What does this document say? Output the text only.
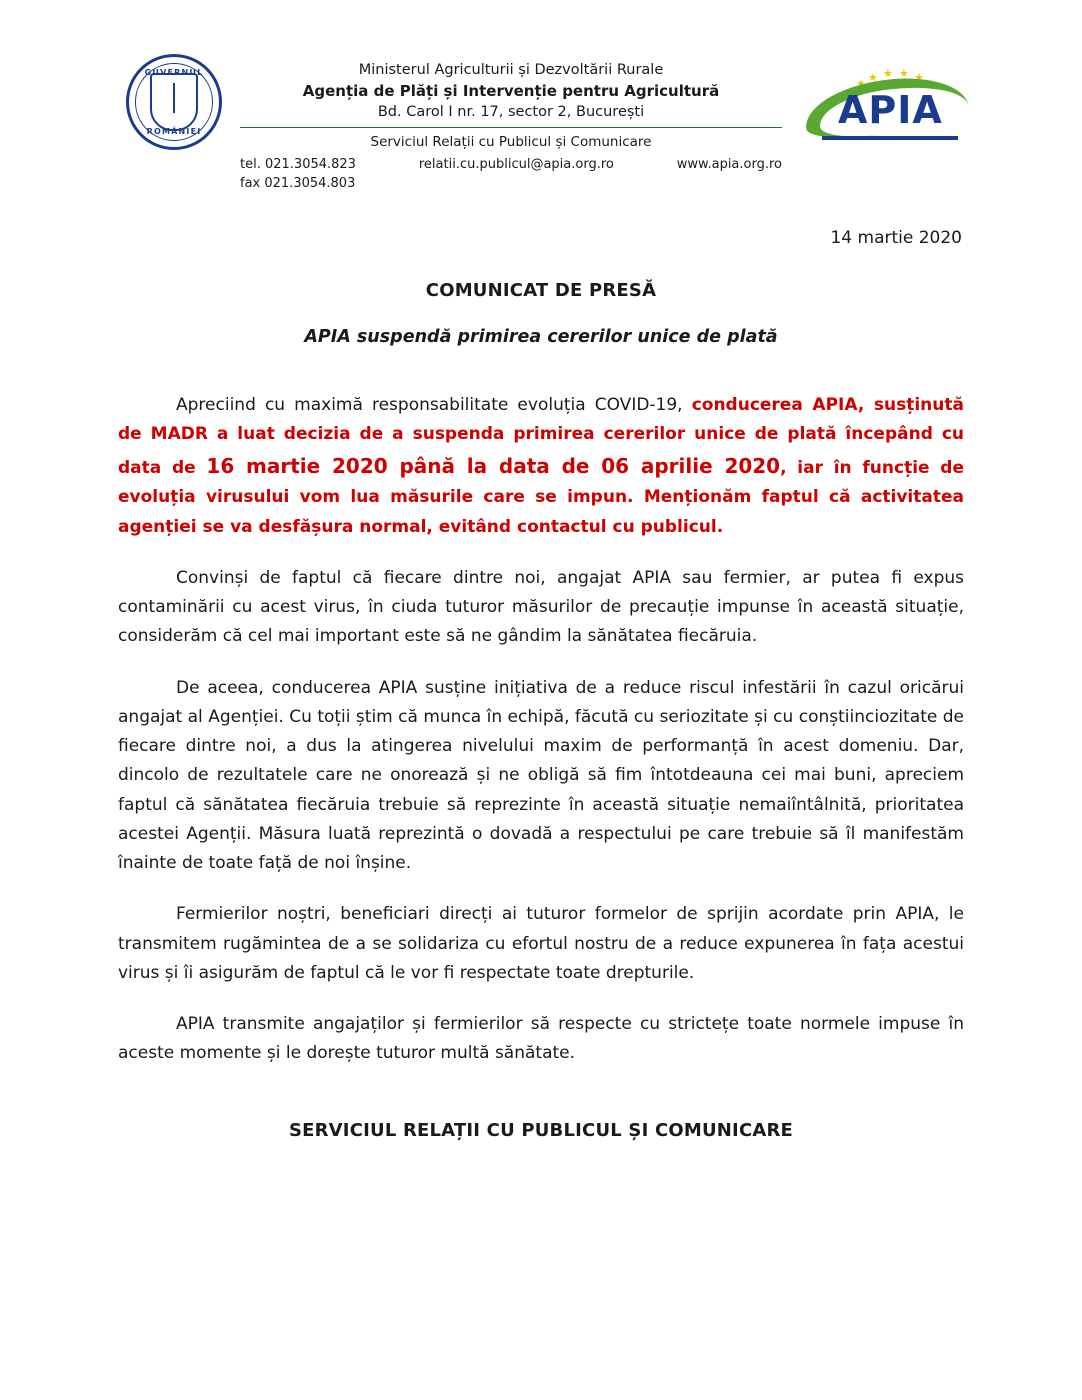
GUVERNUL
ROMÂNIEI
Ministerul Agriculturii și Dezvoltării Rurale
Agenția de Plăți și Intervenție pentru Agricultură
Bd. Carol I nr. 17, sector 2, București
Serviciul Relații cu Publicul și Comunicare
tel. 021.3054.823
fax 021.3054.803
relatii.cu.publicul@apia.org.ro	www.apia.org.ro
★ ★ ★ ★ ★ ★
APIA
14 martie 2020
COMUNICAT DE PRESĂ
APIA suspendă primirea cererilor unice de plată

Apreciind cu maximă responsabilitate evoluția COVID-19, conducerea APIA, susținută de MADR a luat decizia de a suspenda primirea cererilor unice de plată începând cu data de 16 martie 2020 până la data de 06 aprilie 2020, iar în funcție de evoluția virusului vom lua măsurile care se impun. Menționăm faptul că activitatea agenției se va desfășura normal, evitând contactul cu publicul.

Convinși de faptul că fiecare dintre noi, angajat APIA sau fermier, ar putea fi expus contaminării cu acest virus, în ciuda tuturor măsurilor de precauție impunse în această situație, considerăm că cel mai important este să ne gândim la sănătatea fiecăruia.

De aceea, conducerea APIA susține inițiativa de a reduce riscul infestării în cazul oricărui angajat al Agenției. Cu toții știm că munca în echipă, făcută cu seriozitate și cu conștiinciozitate de fiecare dintre noi, a dus la atingerea nivelului maxim de performanță în acest domeniu. Dar, dincolo de rezultatele care ne onorează și ne obligă să fim întotdeauna cei mai buni, apreciem faptul că sănătatea fiecăruia trebuie să reprezinte în această situație nemaiîntâlnită, prioritatea acestei Agenții. Măsura luată reprezintă o dovadă a respectului pe care trebuie să îl manifestăm înainte de toate față de noi înșine.

Fermierilor noștri, beneficiari direcți ai tuturor formelor de sprijin acordate prin APIA, le transmitem rugămintea de a se solidariza cu efortul nostru de a reduce expunerea în fața acestui virus și îi asigurăm de faptul că le vor fi respectate toate drepturile.

APIA transmite angajaților și fermierilor să respecte cu strictețe toate normele impuse în aceste momente și le dorește tuturor multă sănătate.

SERVICIUL RELAȚII CU PUBLICUL ȘI COMUNICARE
